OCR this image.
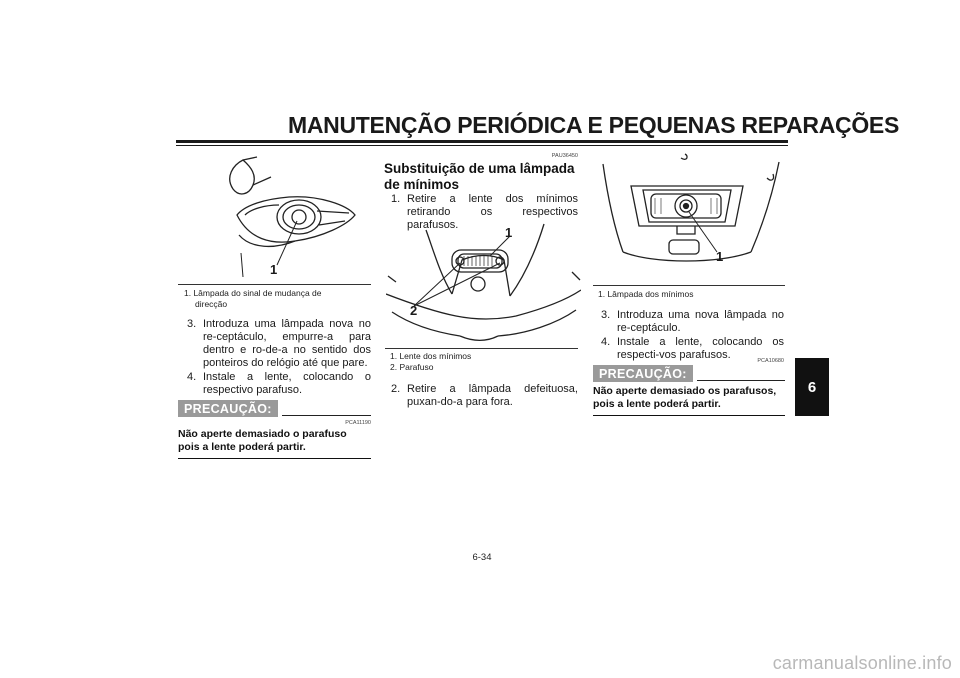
MANUTENÇÃO PERIÓDICA E PEQUENAS REPARAÇÕES
6
1
1. Lâmpada do sinal de mudança de
direcção
3. Introduza uma lâmpada nova no re-ceptáculo, empurre-a para dentro e ro-de-a no sentido dos ponteiros do relógio até que pare.
4. Instale a lente, colocando o respectivo parafuso.
PRECAUÇÃO:
PCA11190
Não aperte demasiado o parafuso pois a lente poderá partir.
PAU36450
Substituição de uma lâmpada de mínimos
1. Retire a lente dos mínimos retirando os respectivos parafusos.	1
2
1. Lente dos mínimos
2. Parafuso
2. Retire a lâmpada defeituosa, puxan-do-a para fora.
1
1. Lâmpada dos mínimos
3. Introduza uma nova lâmpada no re-ceptáculo.
4. Instale a lente, colocando os respecti-vos parafusos.	PCA10680
PRECAUÇÃO:
Não aperte demasiado os parafusos, pois a lente poderá partir.
6-34
carmanualsonline.info
